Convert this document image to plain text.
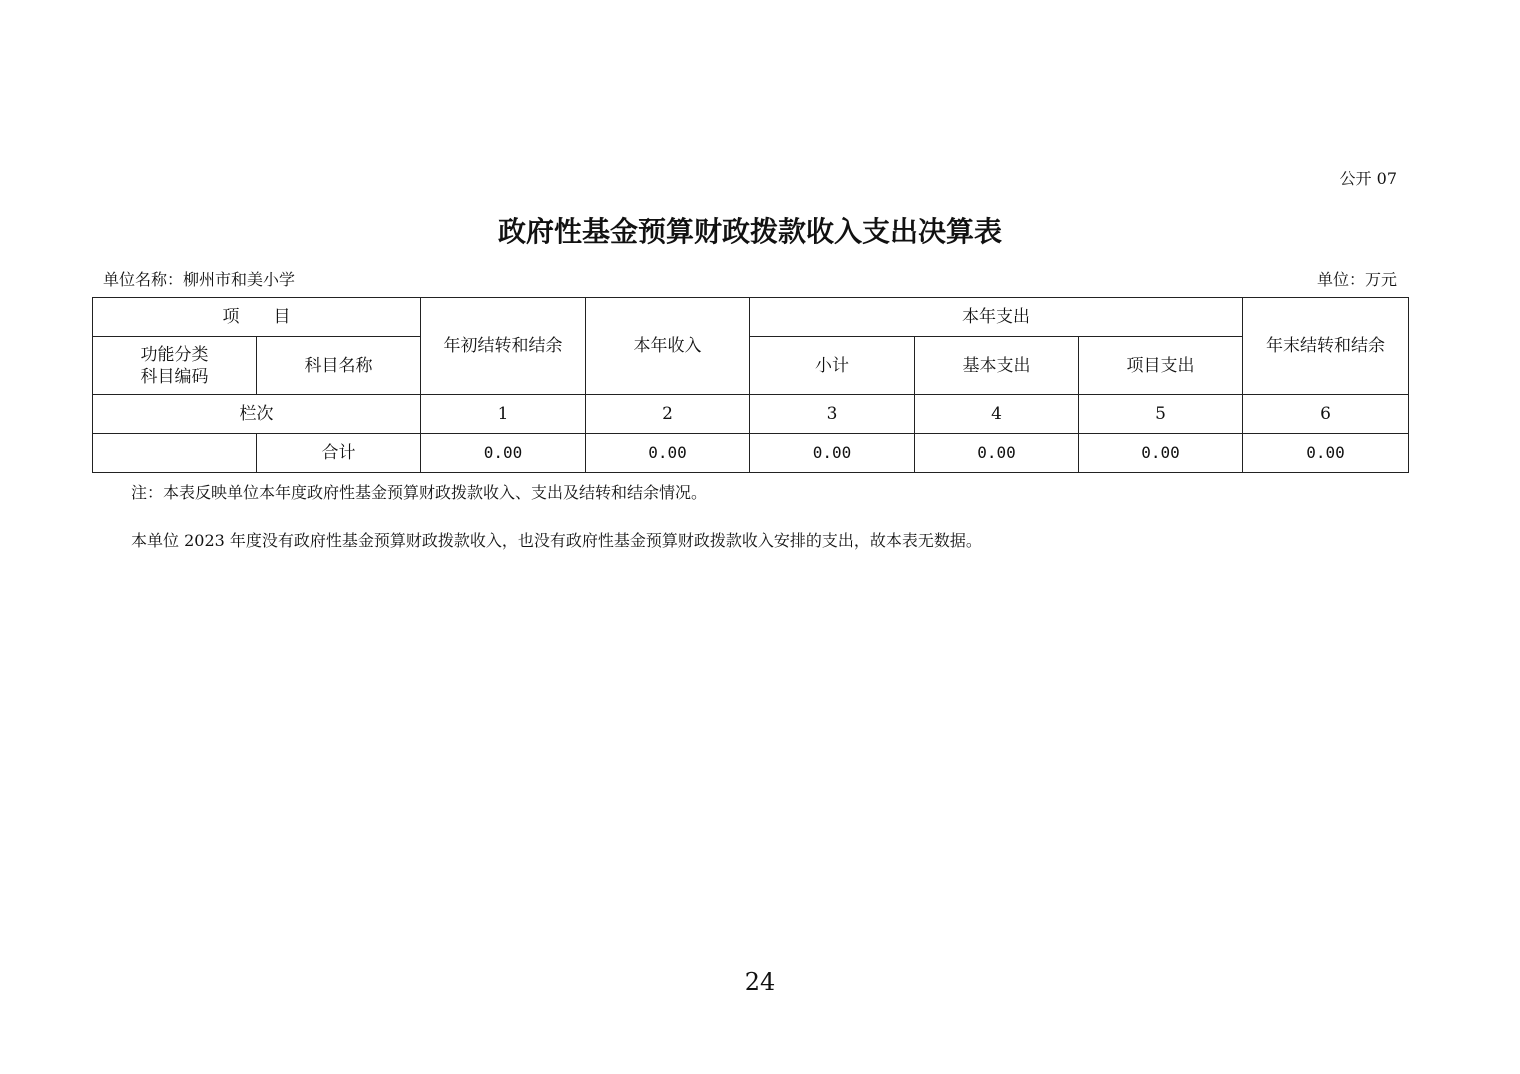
公开 07
政府性基金预算财政拨款收入支出决算表
单位名称：柳州市和美小学	单位：万元
项　　目		年初结转和结余	本年收入	本年支出			年末结转和结余

功能分类
科目编码	科目名称			小计	基本支出	项目支出	
栏次		1	2	3	4	5	6
	合计	0.00	0.00	0.00	0.00	0.00	0.00
注：本表反映单位本年度政府性基金预算财政拨款收入、支出及结转和结余情况。
本单位 2023 年度没有政府性基金预算财政拨款收入，也没有政府性基金预算财政拨款收入安排的支出，故本表无数据。
24
